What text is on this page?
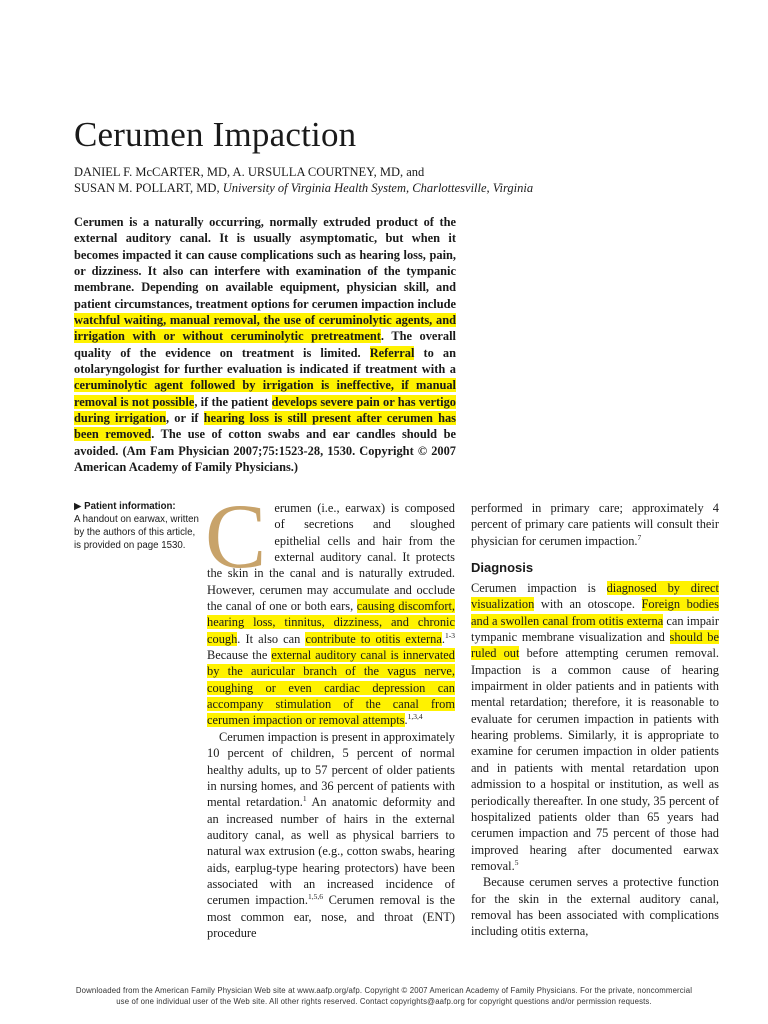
Cerumen Impaction
DANIEL F. McCARTER, MD, A. URSULLA COURTNEY, MD, and
SUSAN M. POLLART, MD, University of Virginia Health System, Charlottesville, Virginia
Cerumen is a naturally occurring, normally extruded product of the external auditory canal. It is usually asymptomatic, but when it becomes impacted it can cause complications such as hearing loss, pain, or dizziness. It also can interfere with examination of the tympanic membrane. Depending on available equipment, physician skill, and patient circumstances, treatment options for cerumen impaction include watchful waiting, manual removal, the use of ceruminolytic agents, and irrigation with or without ceruminolytic pretreatment. The overall quality of the evidence on treatment is limited. Referral to an otolaryngologist for further evaluation is indicated if treatment with a ceruminolytic agent followed by irrigation is ineffective, if manual removal is not possible, if the patient develops severe pain or has vertigo during irrigation, or if hearing loss is still present after cerumen has been removed. The use of cotton swabs and ear candles should be avoided. (Am Fam Physician 2007;75:1523-28, 1530. Copyright © 2007 American Academy of Family Physicians.)
▶ Patient information:
A handout on earwax, written by the authors of this article, is provided on page 1530. Cerumen (i.e., earwax) is composed of secretions and sloughed epithelial cells and hair from the external auditory canal. It protects the skin in the canal and is naturally extruded. However, cerumen may accumulate and occlude the canal of one or both ears, causing discomfort, hearing loss, tinnitus, dizziness, and chronic cough. It also can contribute to otitis externa.$^{1-3}$ Because the external auditory canal is innervated by the auricular branch of the vagus nerve, coughing or even cardiac depression can accompany stimulation of the canal from cerumen impaction or removal attempts.$^{1,3,4}$

Cerumen impaction is present in approximately 10 percent of children, 5 percent of normal healthy adults, up to 57 percent of older patients in nursing homes, and 36 percent of patients with mental retardation.$^1$ An anatomic deformity and an increased number of hairs in the external auditory canal, as well as physical barriers to natural wax extrusion (e.g., cotton swabs, hearing aids, earplug-type hearing protectors) have been associated with an increased incidence of cerumen impaction.$^{1,5,6}$ Cerumen removal is the most common ear, nose, and throat (ENT) procedure

performed in primary care; approximately 4 percent of primary care patients will consult their physician for cerumen impaction.$^7$

Diagnosis

Cerumen impaction is diagnosed by direct visualization with an otoscope. Foreign bodies and a swollen canal from otitis externa can impair tympanic membrane visualization and should be ruled out before attempting cerumen removal. Impaction is a common cause of hearing impairment in older patients and in patients with mental retardation; therefore, it is reasonable to evaluate for cerumen impaction in patients with hearing problems. Similarly, it is appropriate to examine for cerumen impaction in older patients and in patients with mental retardation upon admission to a hospital or institution, as well as periodically thereafter. In one study, 35 percent of hospitalized patients older than 65 years had cerumen impaction and 75 percent of those had improved hearing after documented earwax removal.$^5$

Because cerumen serves a protective function for the skin in the external auditory canal, removal has been associated with complications including otitis externa,

Downloaded from the American Family Physician Web site at www.aafp.org/afp. Copyright © 2007 American Academy of Family Physicians. For the private, noncommercial
use of one individual user of the Web site. All other rights reserved. Contact copyrights@aafp.org for copyright questions and/or permission requests.
